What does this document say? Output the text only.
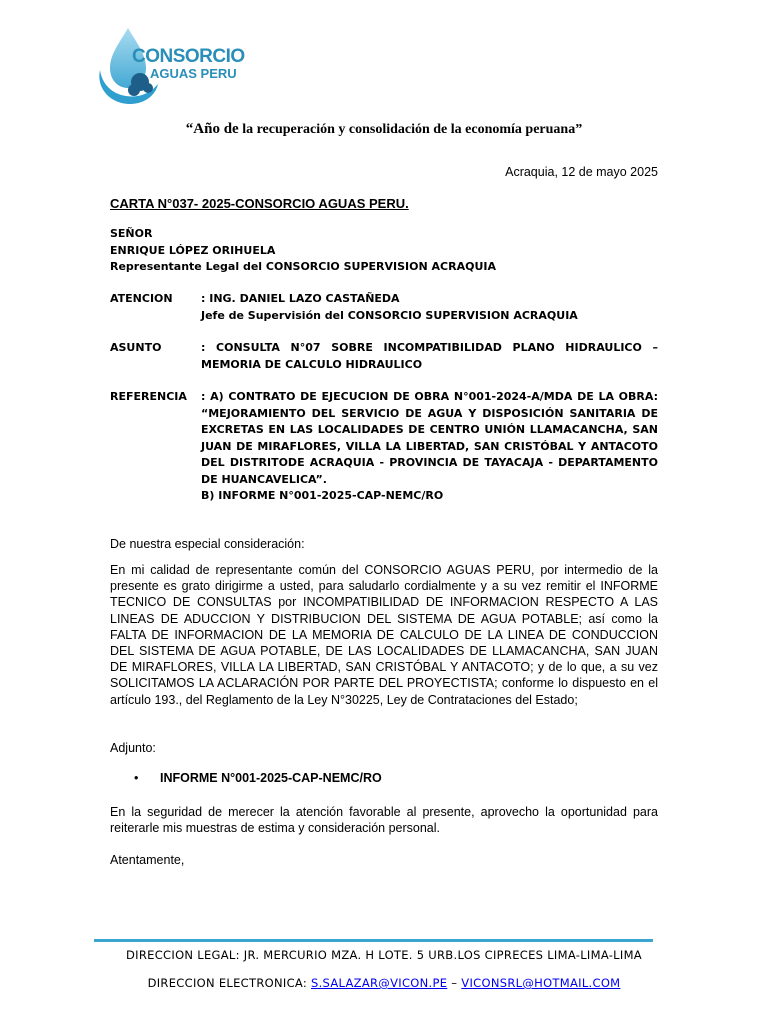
CONSORCIO
AGUAS PERU
“Año de la recuperación y consolidación de la economía peruana”
Acraquia, 12 de mayo 2025
CARTA N°037- 2025-CONSORCIO AGUAS PERU.
SEÑOR
ENRIQUE LÓPEZ ORIHUELA
Representante Legal del CONSORCIO SUPERVISION ACRAQUIA
ATENCION	: ING. DANIEL LAZO CASTAÑEDA
Jefe de Supervisión del CONSORCIO SUPERVISION ACRAQUIA
ASUNTO	: CONSULTA N°07 SOBRE INCOMPATIBILIDAD PLANO HIDRAULICO – MEMORIA DE CALCULO HIDRAULICO
REFERENCIA : A) CONTRATO DE EJECUCION DE OBRA N°001-2024-A/MDA DE LA OBRA: “MEJORAMIENTO DEL SERVICIO DE AGUA Y DISPOSICIÓN SANITARIA DE EXCRETAS EN LAS LOCALIDADES DE CENTRO UNIÓN LLAMACANCHA, SAN JUAN DE MIRAFLORES, VILLA LA LIBERTAD, SAN CRISTÓBAL Y ANTACOTO DEL DISTRITODE ACRAQUIA - PROVINCIA DE TAYACAJA - DEPARTAMENTO DE HUANCAVELICA”.
B) INFORME N°001-2025-CAP-NEMC/RO
De nuestra especial consideración:
En mi calidad de representante común del CONSORCIO AGUAS PERU, por intermedio de la presente es grato dirigirme a usted, para saludarlo cordialmente y a su vez remitir el INFORME TECNICO DE CONSULTAS por INCOMPATIBILIDAD DE INFORMACION RESPECTO A LAS LINEAS DE ADUCCION Y DISTRIBUCION DEL SISTEMA DE AGUA POTABLE; así como la FALTA DE INFORMACION DE LA MEMORIA DE CALCULO DE LA LINEA DE CONDUCCION DEL SISTEMA DE AGUA POTABLE, DE LAS LOCALIDADES DE LLAMACANCHA, SAN JUAN DE MIRAFLORES, VILLA LA LIBERTAD, SAN CRISTÓBAL Y ANTACOTO; y de lo que, a su vez SOLICITAMOS LA ACLARACIÓN POR PARTE DEL PROYECTISTA; conforme lo dispuesto en el artículo 193., del Reglamento de la Ley N°30225, Ley de Contrataciones del Estado;
Adjunto:
• INFORME N°001-2025-CAP-NEMC/RO
En la seguridad de merecer la atención favorable al presente, aprovecho la oportunidad para reiterarle mis muestras de estima y consideración personal.
Atentamente,
DIRECCION LEGAL: JR. MERCURIO MZA. H LOTE. 5 URB.LOS CIPRECES LIMA-LIMA-LIMA
DIRECCION ELECTRONICA: S.SALAZAR@VICON.PE – VICONSRL@HOTMAIL.COM
